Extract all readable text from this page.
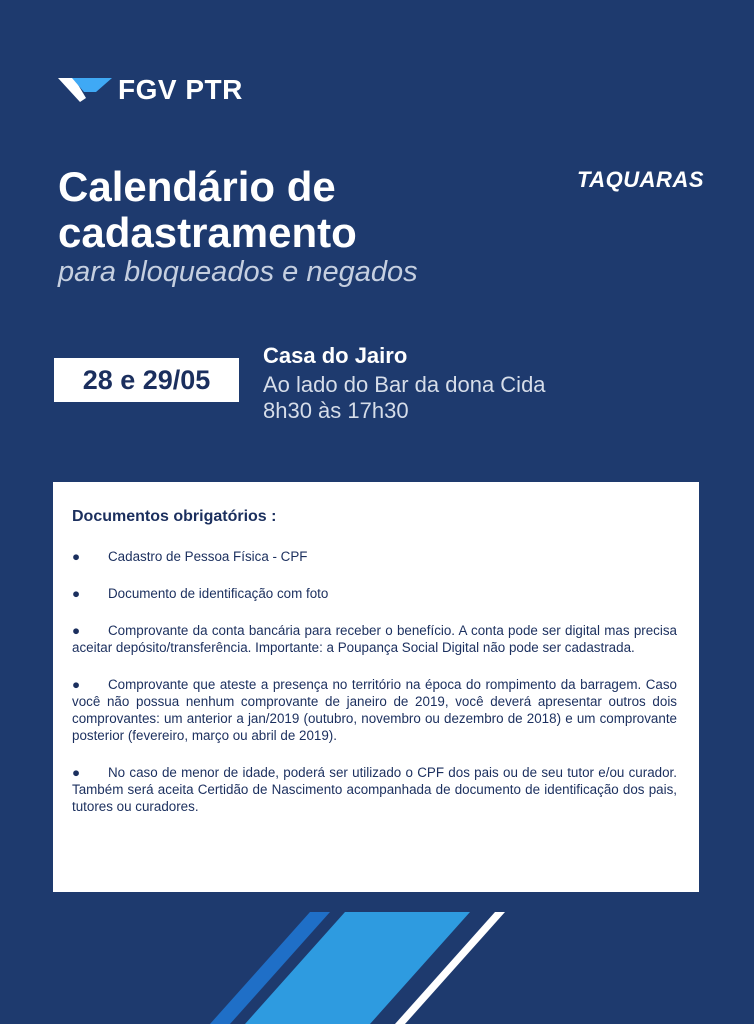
FGV PTR
TAQUARAS
Calendário de
cadastramento
para bloqueados e negados
28 e 29/05
Casa do Jairo
Ao lado do Bar da dona Cida
8h30 às 17h30
Documentos obrigatórios :
● Cadastro de Pessoa Física - CPF
● Documento de identificação com foto
● Comprovante da conta bancária para receber o benefício. A conta pode ser digital mas precisa aceitar depósito/transferência. Importante: a Poupança Social Digital não pode ser cadastrada.
● Comprovante que ateste a presença no território na época do rompimento da barragem. Caso você não possua nenhum comprovante de janeiro de 2019, você deverá apresentar outros dois comprovantes: um anterior a jan/2019 (outubro, novembro ou dezembro de 2018) e um comprovante posterior (fevereiro, março ou abril de 2019).
● No caso de menor de idade, poderá ser utilizado o CPF dos pais ou de seu tutor e/ou curador. Também será aceita Certidão de Nascimento acompanhada de documento de identificação dos pais, tutores ou curadores.
